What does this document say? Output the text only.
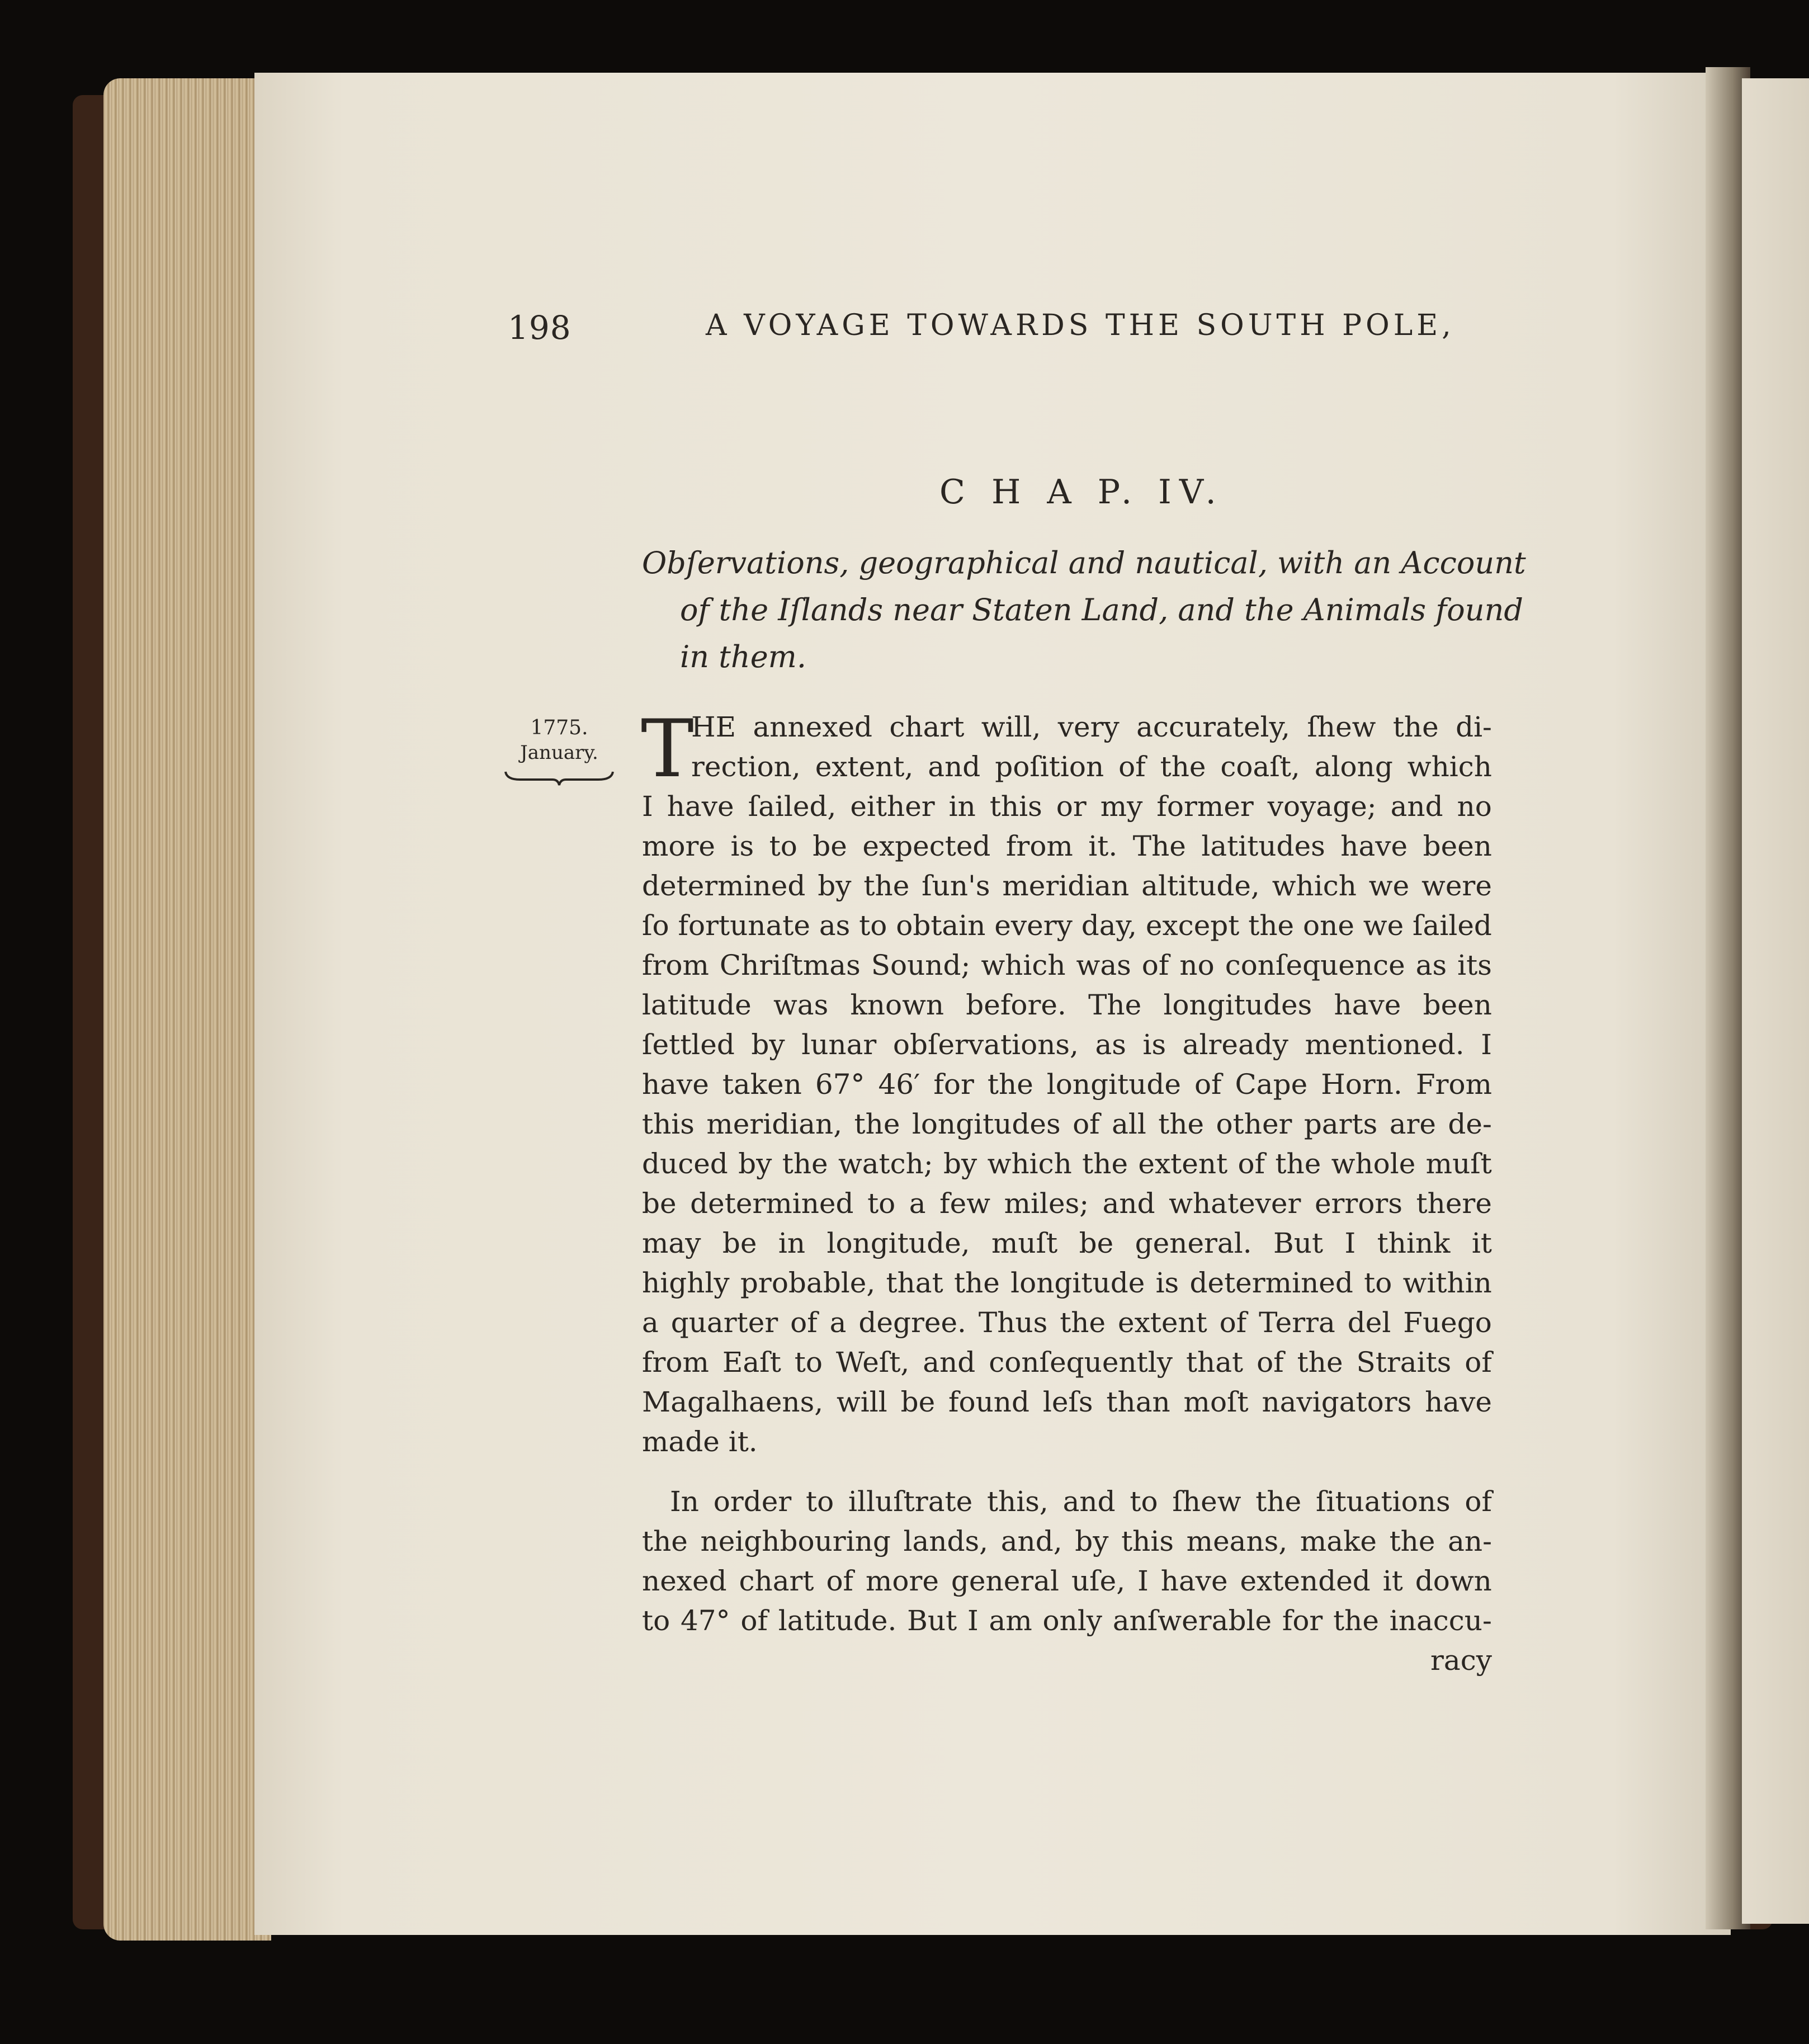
198	A VOYAGE TOWARDS THE SOUTH POLE,
C H A P. IV.
Obſervations, geographical and nautical, with an Account
of the Iſlands near Staten Land, and the Animals found
in them.
1775.
January. T
HE annexed chart will, very accurately, ſhew the di-
rection, extent, and poſition of the coaſt, along which
I have ſailed, either in this or my former voyage; and no
more is to be expected from it. The latitudes have been
determined by the ſun's meridian altitude, which we were
ſo fortunate as to obtain every day, except the one we ſailed
from Chriſtmas Sound; which was of no conſequence as its
latitude was known before. The longitudes have been
ſettled by lunar obſervations, as is already mentioned. I
have taken 67° 46′ for the longitude of Cape Horn. From
this meridian, the longitudes of all the other parts are de-
duced by the watch; by which the extent of the whole muſt
be determined to a few miles; and whatever errors there
may be in longitude, muſt be general. But I think it
highly probable, that the longitude is determined to within
a quarter of a degree. Thus the extent of Terra del Fuego
from Eaſt to Weſt, and conſequently that of the Straits of
Magalhaens, will be found leſs than moſt navigators have
made it.
In order to illuſtrate this, and to ſhew the ſituations of
the neighbouring lands, and, by this means, make the an-
nexed chart of more general uſe, I have extended it down
to 47° of latitude. But I am only anſwerable for the inaccu-
racy
